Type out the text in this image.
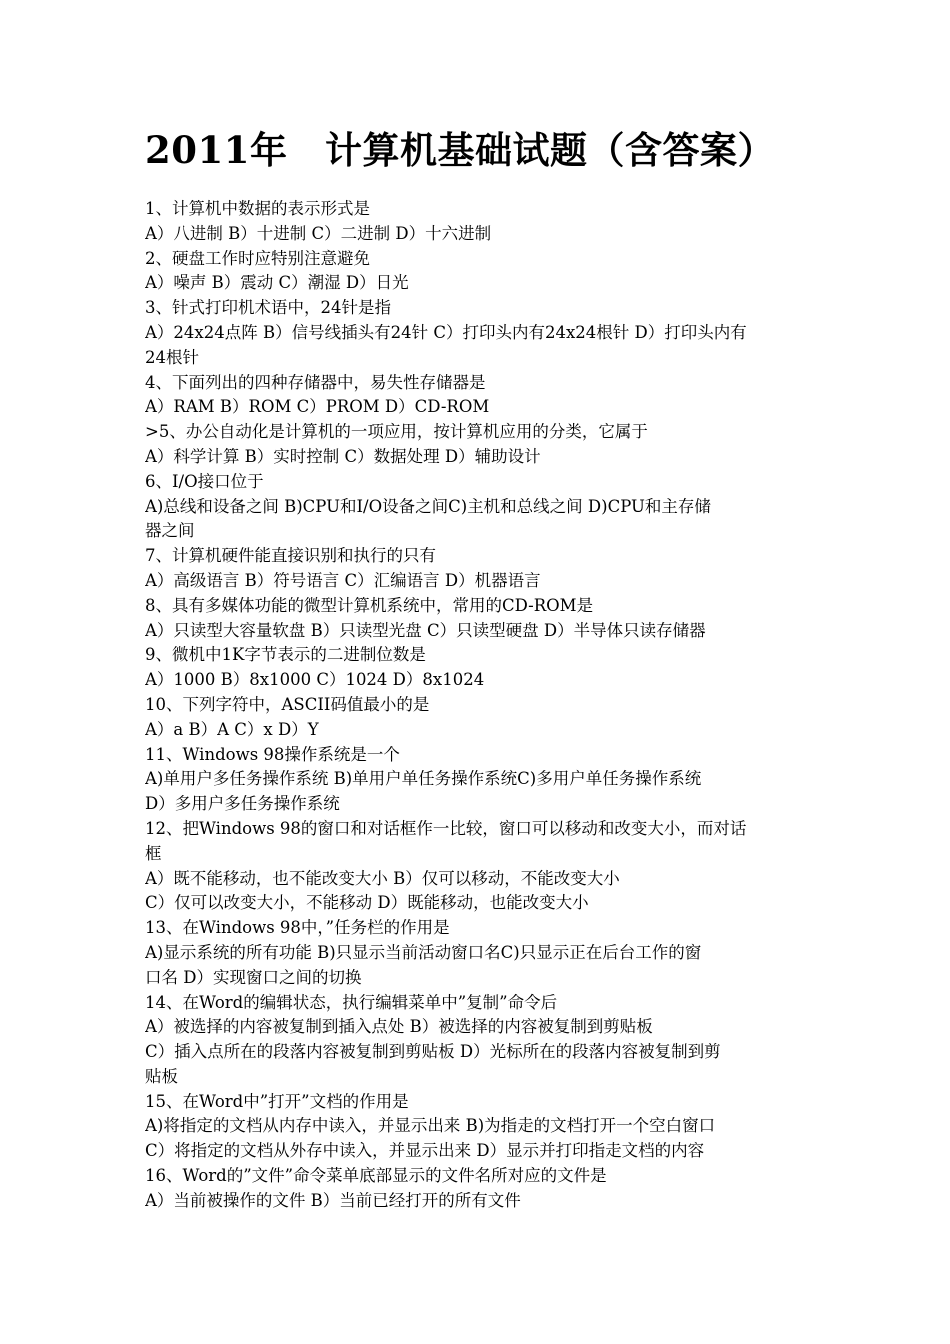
2011年　计算机基础试题（含答案）
1、计算机中数据的表示形式是
A）八进制 B）十进制 C）二进制 D）十六进制
2、硬盘工作时应特别注意避免
A）噪声 B）震动 C）潮湿 D）日光
3、针式打印机术语中，24针是指
A）24x24点阵 B）信号线插头有24针 C）打印头内有24x24根针 D）打印头内有
24根针
4、下面列出的四种存储器中，易失性存储器是
A）RAM B）ROM C）PROM D）CD-ROM
>5、办公自动化是计算机的一项应用，按计算机应用的分类，它属于
A）科学计算 B）实时控制 C）数据处理 D）辅助设计
6、I/O接口位于
A)总线和设备之间 B)CPU和I/O设备之间C)主机和总线之间 D)CPU和主存储
器之间
7、计算机硬件能直接识别和执行的只有
A）高级语言 B）符号语言 C）汇编语言 D）机器语言
8、具有多媒体功能的微型计算机系统中，常用的CD-ROM是
A）只读型大容量软盘 B）只读型光盘 C）只读型硬盘 D）半导体只读存储器
9、微机中1K字节表示的二进制位数是
A）1000 B）8x1000 C）1024 D）8x1024
10、下列字符中，ASCII码值最小的是
A）a B）A C）x D）Y
11、Windows 98操作系统是一个
A)单用户多任务操作系统 B)单用户单任务操作系统C)多用户单任务操作系统
D）多用户多任务操作系统
12、把Windows 98的窗口和对话框作一比较，窗口可以移动和改变大小，而对话
框
A）既不能移动，也不能改变大小 B）仅可以移动，不能改变大小
C）仅可以改变大小，不能移动 D）既能移动，也能改变大小
13、在Windows 98中，”任务栏的作用是
A)显示系统的所有功能 B)只显示当前活动窗口名C)只显示正在后台工作的窗
口名 D）实现窗口之间的切换
14、在Word的编辑状态，执行编辑菜单中”复制”命令后
A）被选择的内容被复制到插入点处 B）被选择的内容被复制到剪贴板
C）插入点所在的段落内容被复制到剪贴板 D）光标所在的段落内容被复制到剪
贴板
15、在Word中”打开”文档的作用是
A)将指定的文档从内存中读入，并显示出来 B)为指走的文档打开一个空白窗口
C）将指定的文档从外存中读入，并显示出来 D）显示并打印指走文档的内容
16、Word的”文件”命令菜单底部显示的文件名所对应的文件是
A）当前被操作的文件 B）当前已经打开的所有文件
